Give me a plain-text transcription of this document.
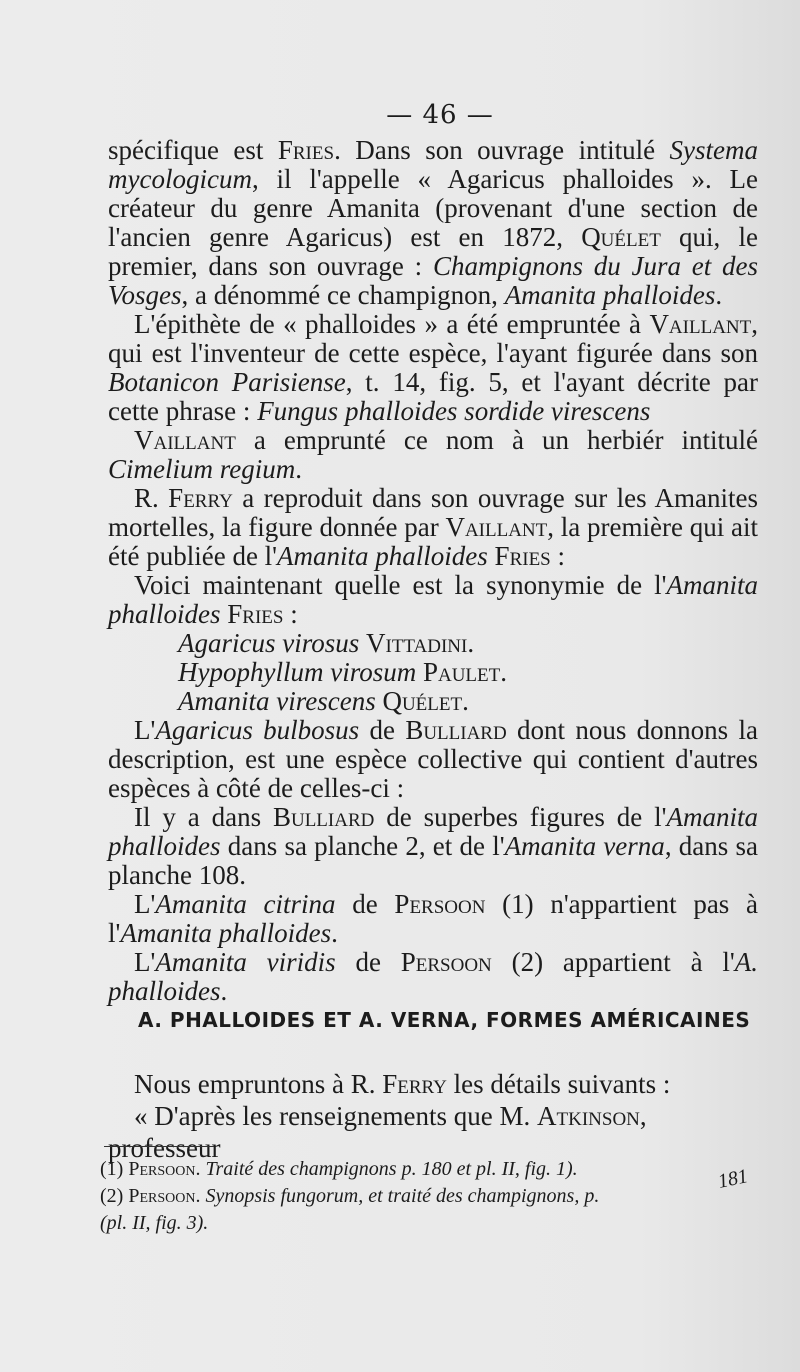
— 46 —

spécifique est Fries. Dans son ouvrage intitulé Systema mycologicum, il l'appelle « Agaricus phalloides ». Le créateur du genre Amanita (provenant d'une section de l'ancien genre Agaricus) est en 1872, Quélet qui, le premier, dans son ouvrage : Champignons du Jura et des Vosges, a dénommé ce champignon, Amanita phalloides.

L'épithète de « phalloides » a été empruntée à Vaillant, qui est l'inventeur de cette espèce, l'ayant figurée dans son Botanicon Parisiense, t. 14, fig. 5, et l'ayant décrite par cette phrase : Fungus phalloides sordide virescens

Vaillant a emprunté ce nom à un herbiér intitulé Cimelium regium.

R. Ferry a reproduit dans son ouvrage sur les Amanites mortelles, la figure donnée par Vaillant, la première qui ait été publiée de l'Amanita phalloides Fries :

Voici maintenant quelle est la synonymie de l'Amanita phalloides Fries :

Agaricus virosus Vittadini.

Hypophyllum virosum Paulet.

Amanita virescens Quélet.

L'Agaricus bulbosus de Bulliard dont nous donnons la description, est une espèce collective qui contient d'autres espèces à côté de celles-ci :

Il y a dans Bulliard de superbes figures de l'Amanita phalloides dans sa planche 2, et de l'Amanita verna, dans sa planche 108.

L'Amanita citrina de Persoon (1) n'appartient pas à l'Amanita phalloides.

L'Amanita viridis de Persoon (2) appartient à l'A. phalloides.

A. PHALLOIDES ET A. VERNA, FORMES AMÉRICAINES

Nous empruntons à R. Ferry les détails suivants :

« D'après les renseignements que M. Atkinson, professeur

(1) Persoon. Traité des champignons p. 180 et pl. II, fig. 1).

(2) Persoon. Synopsis fungorum, et traité des champignons, p.

(pl. II, fig. 3).

181
